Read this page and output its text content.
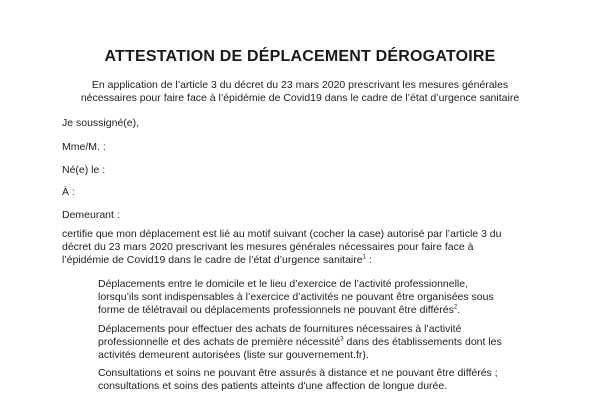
ATTESTATION DE DÉPLACEMENT DÉROGATOIRE
En application de l’article 3 du décret du 23 mars 2020 prescrivant les mesures générales
nécessaires pour faire face à l’épidémie de Covid19 dans le cadre de l’état d’urgence sanitaire
Je soussigné(e),
Mme/M. :
Né(e) le :
À :
Demeurant :
certifie que mon déplacement est lié au motif suivant (cocher la case) autorisé par l’article 3 du
décret du 23 mars 2020 prescrivant les mesures générales nécessaires pour faire face à
l’épidémie de Covid19 dans le cadre de l’état d’urgence sanitaire$^1$ :
Déplacements entre le domicile et le lieu d’exercice de l’activité professionnelle,
lorsqu’ils sont indispensables à l’exercice d’activités ne pouvant être organisées sous
forme de télétravail ou déplacements professionnels ne pouvant être différés$^2$.
Déplacements pour effectuer des achats de fournitures nécessaires à l’activité
professionnelle et des achats de première nécessité$^3$ dans des établissements dont les
activités demeurent autorisées (liste sur gouvernement.fr).
Consultations et soins ne pouvant être assurés à distance et ne pouvant être différés ;
consultations et soins des patients atteints d'une affection de longue durée.
